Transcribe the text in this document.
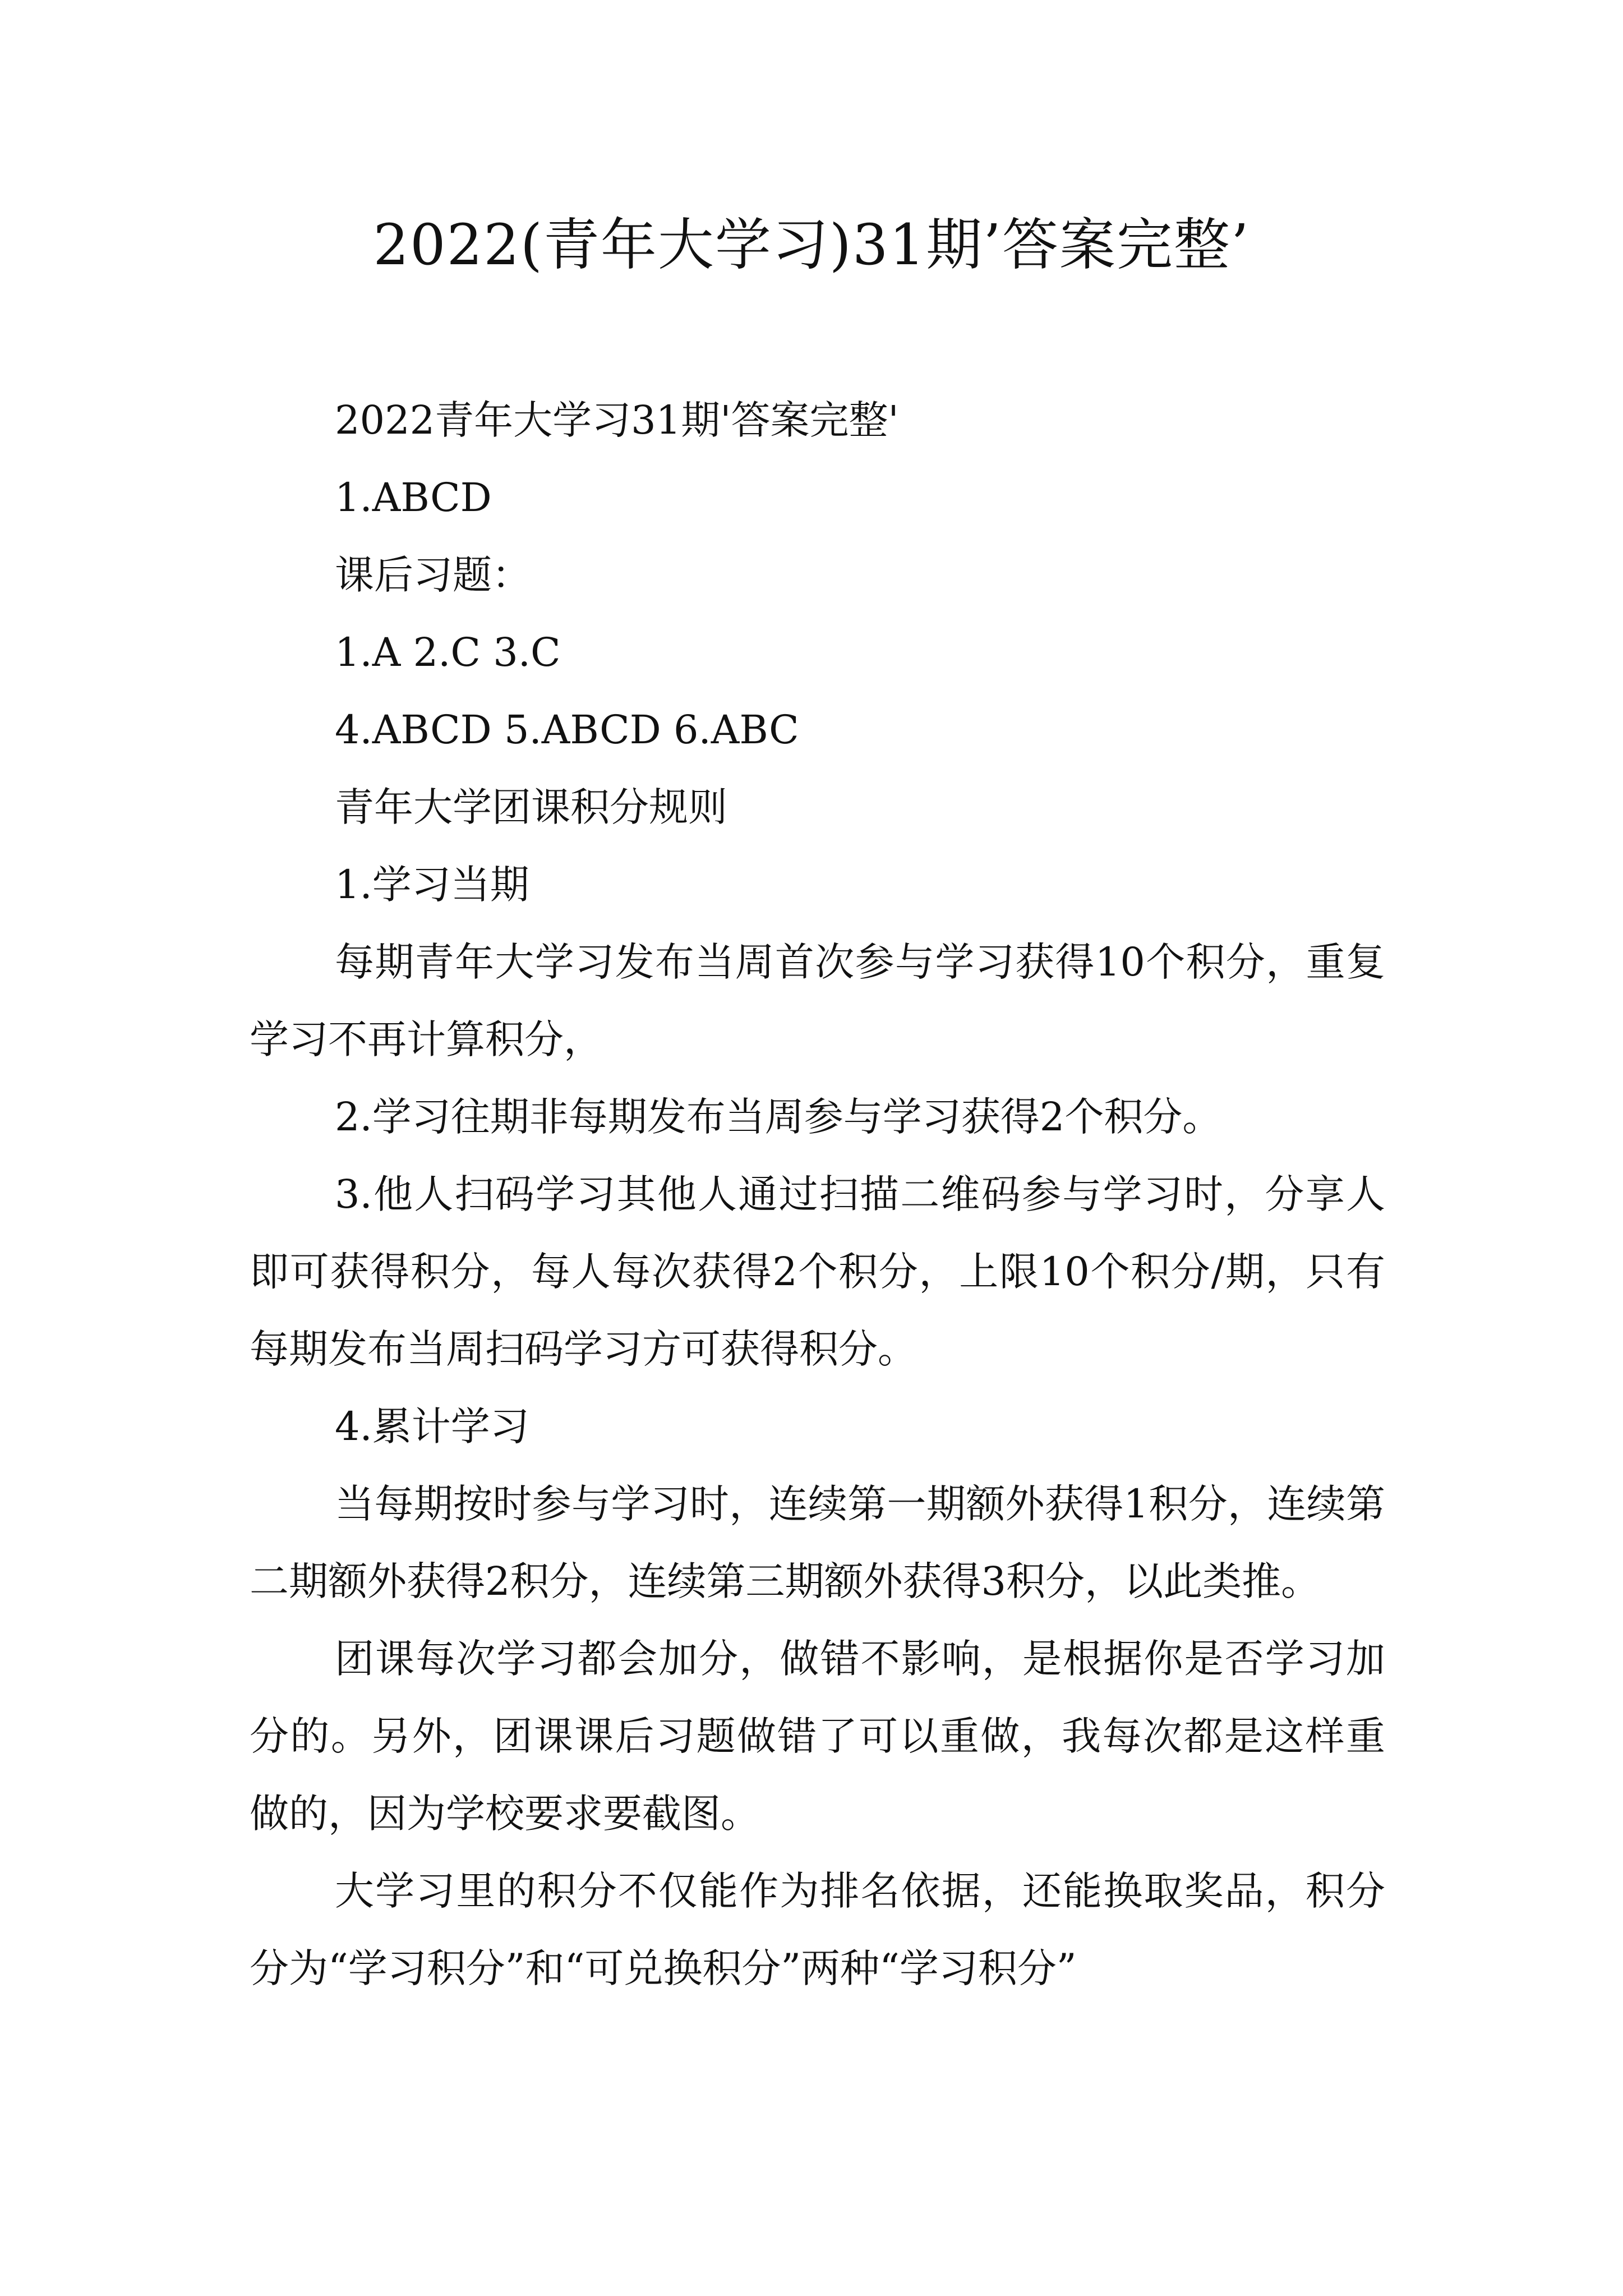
2022(青年大学习)31期’答案完整’

2022青年大学习31期'答案完整'

1.ABCD

课后习题：

1.A 2.C 3.C

4.ABCD 5.ABCD 6.ABC

青年大学团课积分规则

1.学习当期

每期青年大学习发布当周首次参与学习获得10个积分，重复学习不再计算积分，

2.学习往期非每期发布当周参与学习获得2个积分。

3.他人扫码学习其他人通过扫描二维码参与学习时，分享人即可获得积分，每人每次获得2个积分，上限10个积分/期，只有每期发布当周扫码学习方可获得积分。

4.累计学习

当每期按时参与学习时，连续第一期额外获得1积分，连续第二期额外获得2积分，连续第三期额外获得3积分，以此类推。

团课每次学习都会加分，做错不影响，是根据你是否学习加分的。另外，团课课后习题做错了可以重做，我每次都是这样重做的，因为学校要求要截图。

大学习里的积分不仅能作为排名依据，还能换取奖品，积分分为“学习积分”和“可兑换积分”两种“学习积分”
